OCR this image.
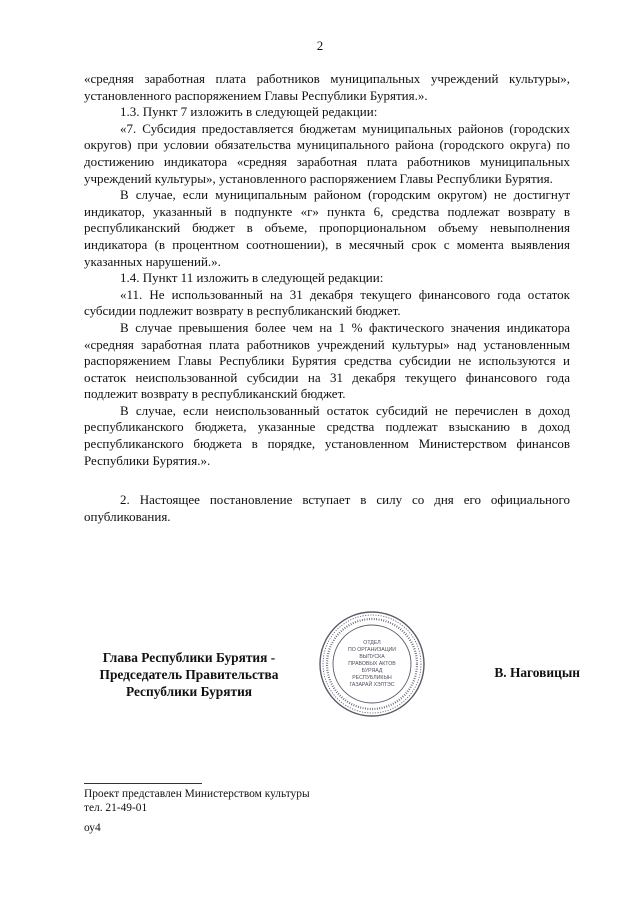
2

«средняя заработная плата работников муниципальных учреждений культуры», установленного распоряжением Главы Республики Бурятия.».

1.3. Пункт 7 изложить в следующей редакции:

«7. Субсидия предоставляется бюджетам муниципальных районов (городских округов) при условии обязательства муниципального района (городского округа) по достижению индикатора «средняя заработная плата работников муниципальных учреждений культуры», установленного распоряжением Главы Республики Бурятия.

В случае, если муниципальным районом (городским округом) не достигнут индикатор, указанный в подпункте «г» пункта 6, средства подлежат возврату в республиканский бюджет в объеме, пропорциональном объему невыполнения индикатора (в процентном соотношении), в месячный срок с момента выявления указанных нарушений.».

1.4. Пункт 11 изложить в следующей редакции:

«11. Не использованный на 31 декабря текущего финансового года остаток субсидии подлежит возврату в республиканский бюджет.

В случае превышения более чем на 1 % фактического значения индикатора «средняя заработная плата работников учреждений культуры» над установленным распоряжением Главы Республики Бурятия средства субсидии не используются и остаток неиспользованной субсидии на 31 декабря текущего финансового года подлежит возврату в республиканский бюджет.

В случае, если неиспользованный остаток субсидий не перечислен в доход республиканского бюджета, указанные средства подлежат взысканию в доход республиканского бюджета в порядке, установленном Министерством финансов Республики Бурятия.».

2. Настоящее постановление вступает в силу со дня его официального опубликования.

Глава Республики Бурятия -
Председатель Правительства
Республики Бурятия
ОТДЕЛ
ПО ОРГАНИЗАЦИИ
ВЫПУСКА
ПРАВОВЫХ АКТОВ
БУРЯАД
РЕСПУБЛИКЫН
ГАЗАРАЙ ХЭЛТЭС
В. Наговицын
Проект представлен Министерством культуры
тел. 21-49-01
оу4
